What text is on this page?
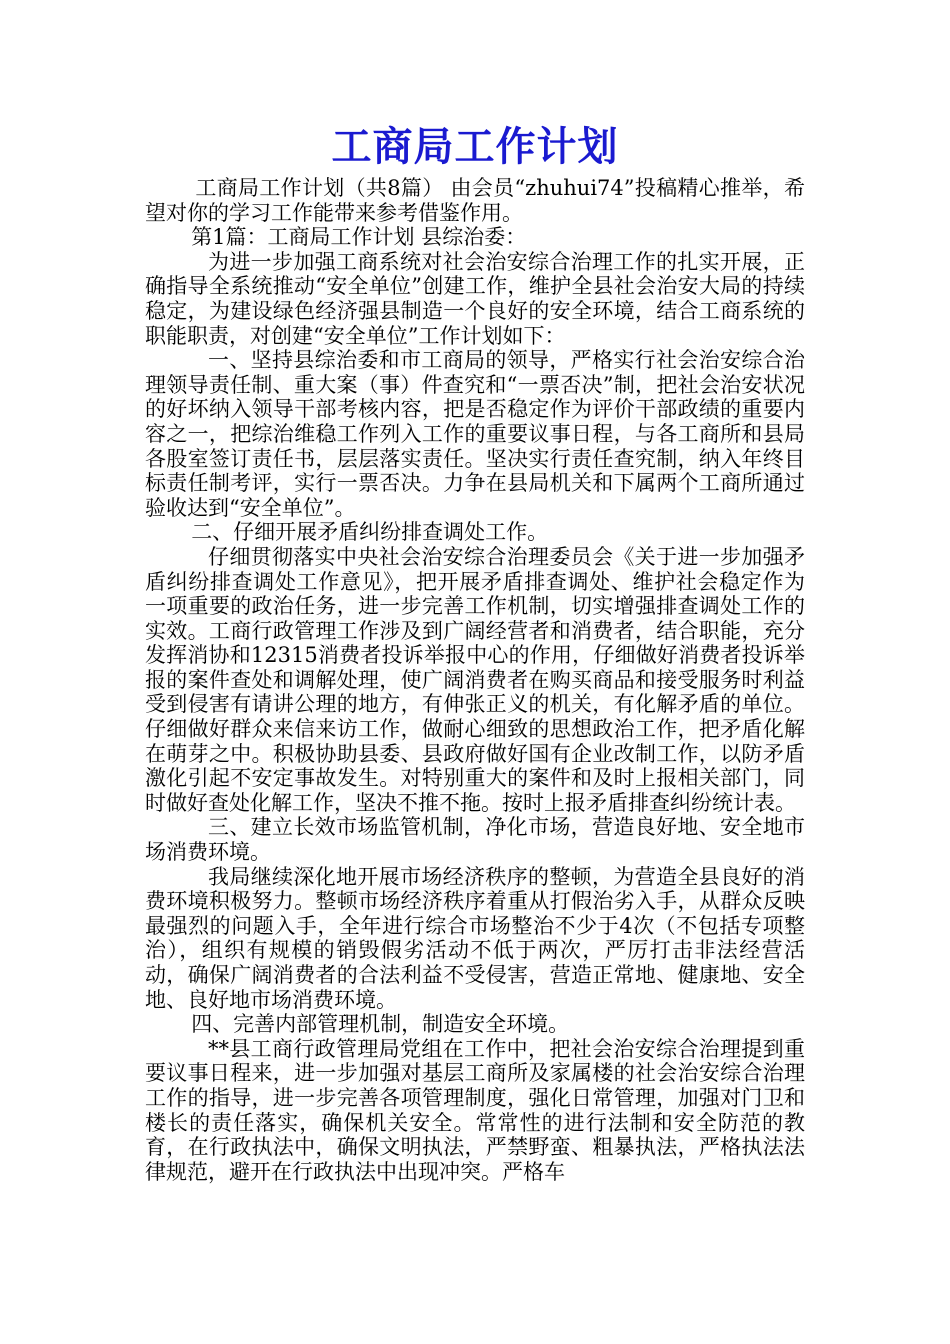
工商局工作计划

工商局工作计划（共8篇） 由会员“zhuhui74”投稿精心推举，希望对你的学习工作能带来参考借鉴作用。

第1篇：工商局工作计划 县综治委：

为进一步加强工商系统对社会治安综合治理工作的扎实开展，正确指导全系统推动“安全单位”创建工作，维护全县社会治安大局的持续稳定，为建设绿色经济强县制造一个良好的安全环境，结合工商系统的职能职责，对创建“安全单位”工作计划如下：

一、坚持县综治委和市工商局的领导，严格实行社会治安综合治理领导责任制、重大案（事）件查究和“一票否决”制，把社会治安状况的好坏纳入领导干部考核内容，把是否稳定作为评价干部政绩的重要内容之一，把综治维稳工作列入工作的重要议事日程，与各工商所和县局各股室签订责任书，层层落实责任。坚决实行责任查究制，纳入年终目标责任制考评，实行一票否决。力争在县局机关和下属两个工商所通过验收达到“安全单位”。

二、仔细开展矛盾纠纷排查调处工作。

仔细贯彻落实中央社会治安综合治理委员会《关于进一步加强矛盾纠纷排查调处工作意见》，把开展矛盾排查调处、维护社会稳定作为一项重要的政治任务，进一步完善工作机制，切实增强排查调处工作的实效。工商行政管理工作涉及到广阔经营者和消费者，结合职能，充分发挥消协和12315消费者投诉举报中心的作用，仔细做好消费者投诉举报的案件查处和调解处理，使广阔消费者在购买商品和接受服务时利益受到侵害有请讲公理的地方，有伸张正义的机关，有化解矛盾的单位。仔细做好群众来信来访工作，做耐心细致的思想政治工作，把矛盾化解在萌芽之中。积极协助县委、县政府做好国有企业改制工作，以防矛盾激化引起不安定事故发生。对特别重大的案件和及时上报相关部门，同时做好查处化解工作，坚决不推不拖。按时上报矛盾排查纠纷统计表。

三、建立长效市场监管机制，净化市场，营造良好地、安全地市场消费环境。

我局继续深化地开展市场经济秩序的整顿，为营造全县良好的消费环境积极努力。整顿市场经济秩序着重从打假治劣入手，从群众反映最强烈的问题入手，全年进行综合市场整治不少于4次（不包括专项整治），组织有规模的销毁假劣活动不低于两次，严厉打击非法经营活动，确保广阔消费者的合法利益不受侵害，营造正常地、健康地、安全地、良好地市场消费环境。

四、完善内部管理机制，制造安全环境。

**县工商行政管理局党组在工作中，把社会治安综合治理提到重要议事日程来，进一步加强对基层工商所及家属楼的社会治安综合治理工作的指导，进一步完善各项管理制度，强化日常管理，加强对门卫和楼长的责任落实，确保机关安全。常常性的进行法制和安全防范的教育，在行政执法中，确保文明执法，严禁野蛮、粗暴执法，严格执法法律规范，避开在行政执法中出现冲突。严格车
